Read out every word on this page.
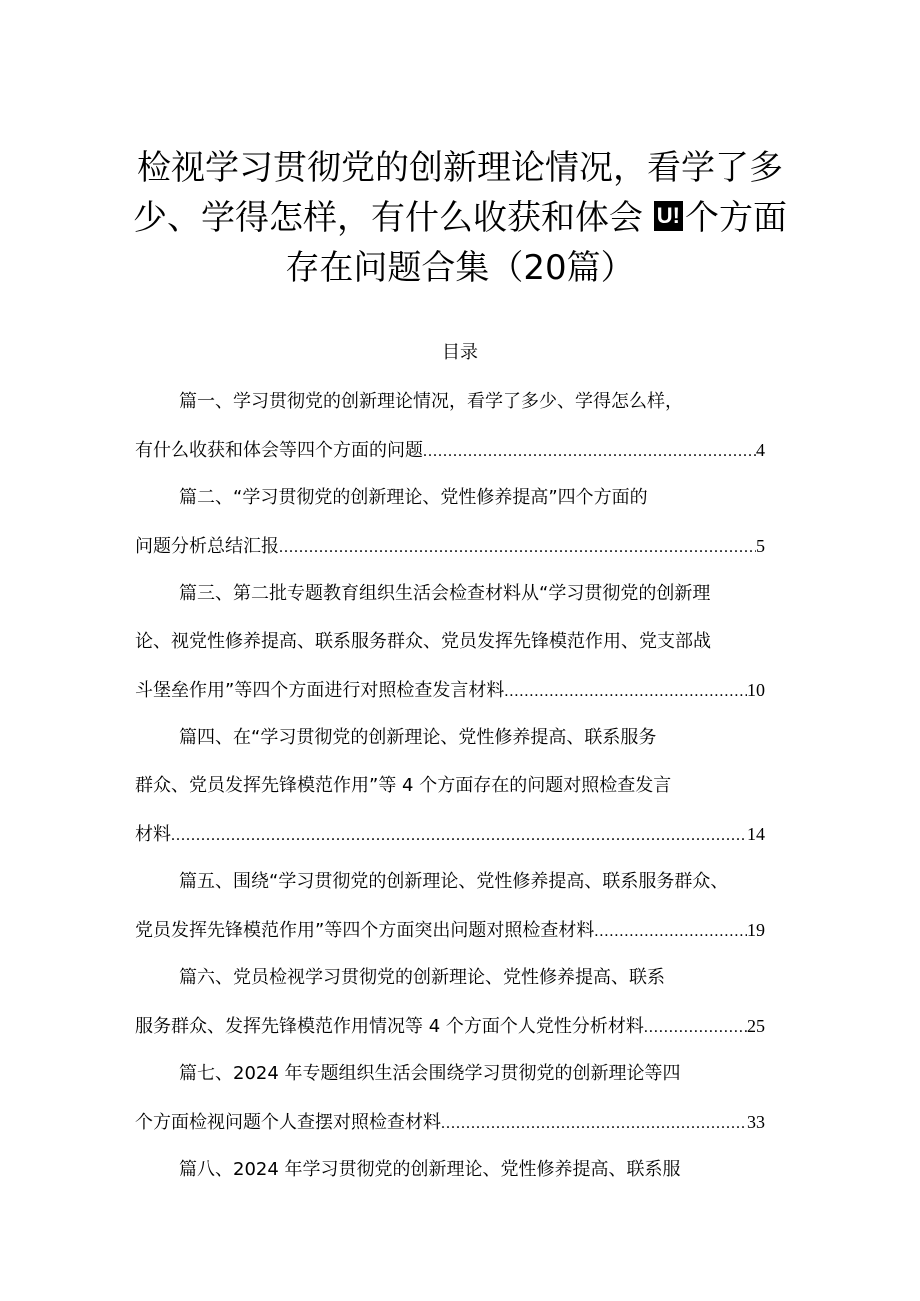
检视学习贯彻党的创新理论情况，看学了多
少、学得怎样，有什么收获和体会 U! 个方面
存在问题合集（20篇）
目录
篇一、学习贯彻党的创新理论情况，看学了多少、学得怎么样，
有什么收获和体会等四个方面的问题 .....	4
篇二、“学习贯彻党的创新理论、党性修养提高”四个方面的
问题分析总结汇报 .....	5
篇三、第二批专题教育组织生活会检查材料从“学习贯彻党的创新理
论、视党性修养提高、联系服务群众、党员发挥先锋模范作用、党支部战
斗堡垒作用”等四个方面进行对照检查发言材料 .....	10
篇四、在“学习贯彻党的创新理论、党性修养提高、联系服务
群众、党员发挥先锋模范作用”等 4 个方面存在的问题对照检查发言
材料 .....	14
篇五、围绕“学习贯彻党的创新理论、党性修养提高、联系服务群众、
党员发挥先锋模范作用”等四个方面突出问题对照检查材料 .....	19
篇六、党员检视学习贯彻党的创新理论、党性修养提高、联系
服务群众、发挥先锋模范作用情况等 4 个方面个人党性分析材料 .....	25
篇七、2024 年专题组织生活会围绕学习贯彻党的创新理论等四
个方面检视问题个人查摆对照检查材料 .....	33
篇八、2024 年学习贯彻党的创新理论、党性修养提高、联系服
